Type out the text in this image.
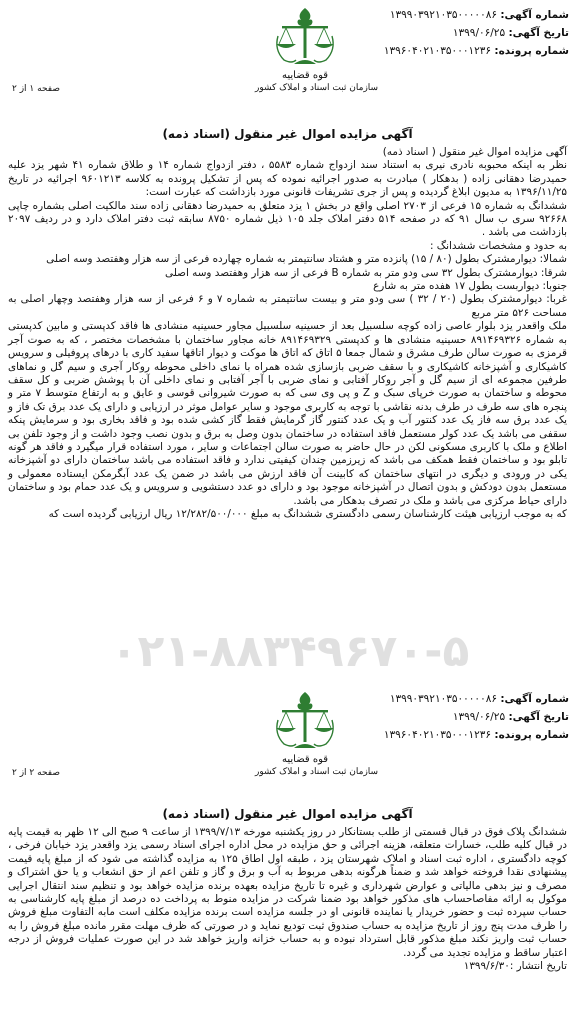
شماره آگهی: ۱۳۹۹۰۳۹۲۱۰۳۵۰۰۰۰۰۸۶
تاریخ آگهی: ۱۳۹۹/۰۶/۲۵
شماره پرونده: ۱۳۹۶۰۴۰۲۱۰۳۵۰۰۰۱۲۳۶
قوه قضاییه
سازمان ثبت اسناد و املاک کشور
صفحه ۱ از ۲
آگهی مزایده اموال غیر منقول (اسناد ذمه)

آگهی مزایده اموال غیر منقول ( اسناد ذمه)

نظر به اینکه محبوبه نادری نیری به استناد سند ازدواج شماره ۵۵۸۳ ، دفتر ازدواج شماره ۱۴ و طلاق شماره ۴۱ شهر یزد علیه حمیدرضا دهقانی زاده ( بدهکار ) مبادرت به صدور اجرائیه نموده که پس از تشکیل پرونده به کلاسه ۹۶۰۱۲۱۳ اجرائیه در تاریخ ۱۳۹۶/۱۱/۲۵ به مدیون ابلاغ گردیده و پس از جری تشریفات قانونی مورد بازداشت که عبارت است:

ششدانگ به شماره ۱۵ فرعی از ۲۷۰۳ اصلی واقع در بخش ۱ یزد متعلق به حمیدرضا دهقانی زاده سند مالکیت اصلی بشماره چاپی ۹۲۶۶۸ سری ب سال ۹۱ که در صفحه ۵۱۴ دفتر املاک جلد ۱۰۵ ذیل شماره ۸۷۵۰ سابقه ثبت دفتر املاک دارد و در ردیف ۲۰۹۷ بازداشت می باشد .

به حدود و مشخصات ششدانگ :

شمالا: دیوارمشترک بطول (۸۰ / ۱۵) پانزده متر و هشتاد سانتیمتر به شماره چهارده فرعی از سه هزار وهفتصد وسه اصلی

شرقا: دیوارمشترک بطول ۳۲ سی ودو متر به شماره B فرعی از سه هزار وهفتصد وسه اصلی

جنوبا: دیواربست بطول ۱۷ هفده متر به شارع

غربا: دیوارمشترک بطول (۲۰ / ۳۲ ) سی ودو متر و بیست سانتیمتر به شماره ۷ و ۶ فرعی از سه هزار وهفتصد وچهار اصلی به مساحت ۵۲۶ متر مربع

ملک واقعدر یزد بلوار عاصی زاده کوچه سلسبیل بعد از حسینیه سلسبیل مجاور حسینیه منشادی ها فاقد کدپستی و مابین کدپستی به شماره ۸۹۱۴۶۹۳۲۶ حسینیه منشادی ها و کدپستی ۸۹۱۴۶۹۳۲۹ خانه مجاور ساختمان با مشخصات مختصر ، که به صوت آجر قرمزی به صورت سالن طرف مشرق و شمال جمعا ۵ اتاق که اتاق ها موکت و دیوار اتاقها سفید کاری با درهای پروفیلی و سرویس کاشیکاری و آشپزخانه کاشیکاری و با سقف ضربی بازسازی شده همراه با نمای داخلی محوطه روکار آجری و سیم گل و نماهای طرفین مجموعه ای از سیم گل و آجر روکار آفتابی و نمای ضربی با آجر آفتابی و نمای داخلی آن با پوشش ضربی و کل سقف محوطه و ساختمان به صورت خرپای سبک و Z و پی وی سی که به صورت شیروانی قوسی و عایق و به ارتفاع متوسط ۷ متر و پنجره های سه طرف در طرف بدنه نقاشی با توجه به کاربری موجود و سایر عوامل موثر در ارزیابی و دارای یک عدد برق تک فاز و یک عدد برق سه فاز یک عدد کنتور آب و یک عدد کنتور گاز گرمایش فقط گاز کشی شده بود و فاقد بخاری بود و سرمایش پنکه سقفی می باشد یک عدد کولر مستعمل فاقد استفاده در ساختمان بدون وصل به برق و بدون نصب وجود داشت و از وجود تلفن بی اطلاع و ملک با کاربری مسکونی لکن در حال حاضر به صورت سالن اجتماعات و سایر ، مورد استفاده قرار میگیرد و فاقد هر گونه تابلو بود و ساختمان فقط همکف می باشد که زیرزمین چندان کیفیتی ندارد و فاقد استفاده می باشد ساختمان دارای دو آشپزخانه یکی در ورودی و دیگری در انتهای ساختمان که کابینت آن فاقد ارزش می باشد در ضمن یک عدد آبگرمکن ایستاده معمولی و مستعمل بدون دودکش و بدون اتصال در آشپزخانه موجود بود و دارای دو عدد دستشویی و سرویس و یک عدد حمام بود و ساختمان دارای حیاط مرکزی می باشد و ملک در تصرف بدهکار می باشد.

که به موجب ارزیابی هیئت کارشناسان رسمی دادگستری ششدانگ به مبلغ ۱۲/۲۸۲/۵۰۰/۰۰۰ ریال ارزیابی گردیده است که

۰۲۱-۸۸۳۴۹۶۷۰-۵
شماره آگهی: ۱۳۹۹۰۳۹۲۱۰۳۵۰۰۰۰۰۸۶
تاریخ آگهی: ۱۳۹۹/۰۶/۲۵
شماره پرونده: ۱۳۹۶۰۴۰۲۱۰۳۵۰۰۰۱۲۳۶
قوه قضاییه
سازمان ثبت اسناد و املاک کشور
صفحه ۲ از ۲
آگهی مزایده اموال غیر منقول (اسناد ذمه)

ششدانگ پلاک فوق در قبال قسمتی از طلب بستانکار در روز یکشنبه مورخه ۱۳۹۹/۷/۱۳ از ساعت ۹ صبح الی ۱۲ ظهر به قیمت پایه در قبال کلیه طلب، خسارات متعلقه، هزینه اجرائی و حق مزایده در محل اداره اجرای اسناد رسمی یزد واقعدر یزد خیابان فرخی ، کوچه دادگستری ، اداره ثبت اسناد و املاک شهرستان یزد ، طبقه اول اطاق ۱۲۵ به مزایده گذاشته می شود که از مبلغ پایه قیمت پیشنهادی نقدا فروخته خواهد شد و ضمناً هرگونه بدهی مربوط به آب و برق و گاز و تلفن اعم از حق انشعاب و یا حق اشتراک و مصرف و نیز بدهی مالیاتی و عوارض شهرداری و غیره تا تاریخ مزایده بعهده برنده مزایده خواهد بود و تنظیم سند انتقال اجرایی موکول به ارائه مفاصاحساب های مذکور خواهد بود ضمنا شرکت در مزایده منوط به پرداخت ده درصد از مبلغ پایه کارشناسی به حساب سپرده ثبت و حضور خریدار یا نماینده قانونی او در جلسه مزایده است برنده مزایده مکلف است مابه التفاوت مبلغ فروش را ظرف مدت پنج روز از تاریخ مزایده به حساب صندوق ثبت تودیع نماید و در صورتی که ظرف مهلت مقرر مانده مبلغ فروش را به حساب ثبت واریز نکند مبلغ مذکور قابل استرداد نبوده و به حساب خزانه واریز خواهد شد در این صورت عملیات فروش از درجه اعتبار ساقط و مزایده تجدید می گردد.

تاریخ انتشار :۱۳۹۹/۶/۳۰
